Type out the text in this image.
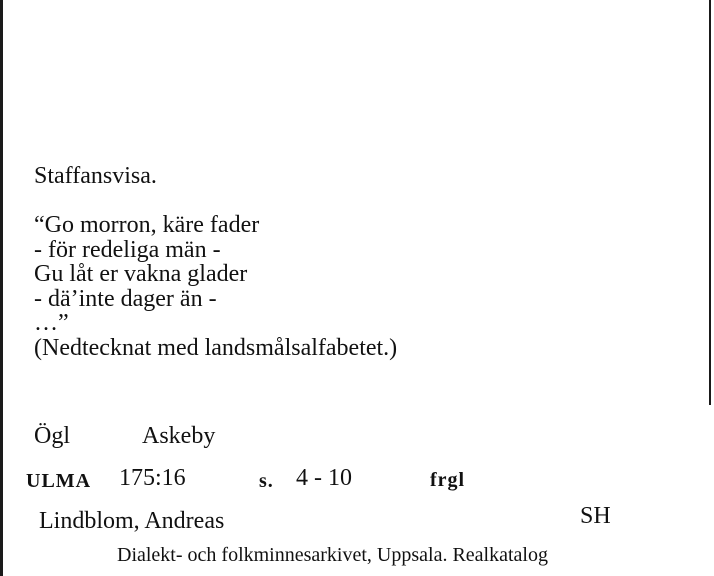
Staffansvisa.
“Go morron, käre fader
- för redeliga män -
Gu låt er vakna glader
- dä’inte dager än -
…”
(Nedtecknat med landsmålsalfabetet.)
Ögl	Askeby
ULMA 175:16	s. 4 - 10	frgl
Lindblom, Andreas	SH
Dialekt- och folkminnesarkivet, Uppsala. Realkatalog
